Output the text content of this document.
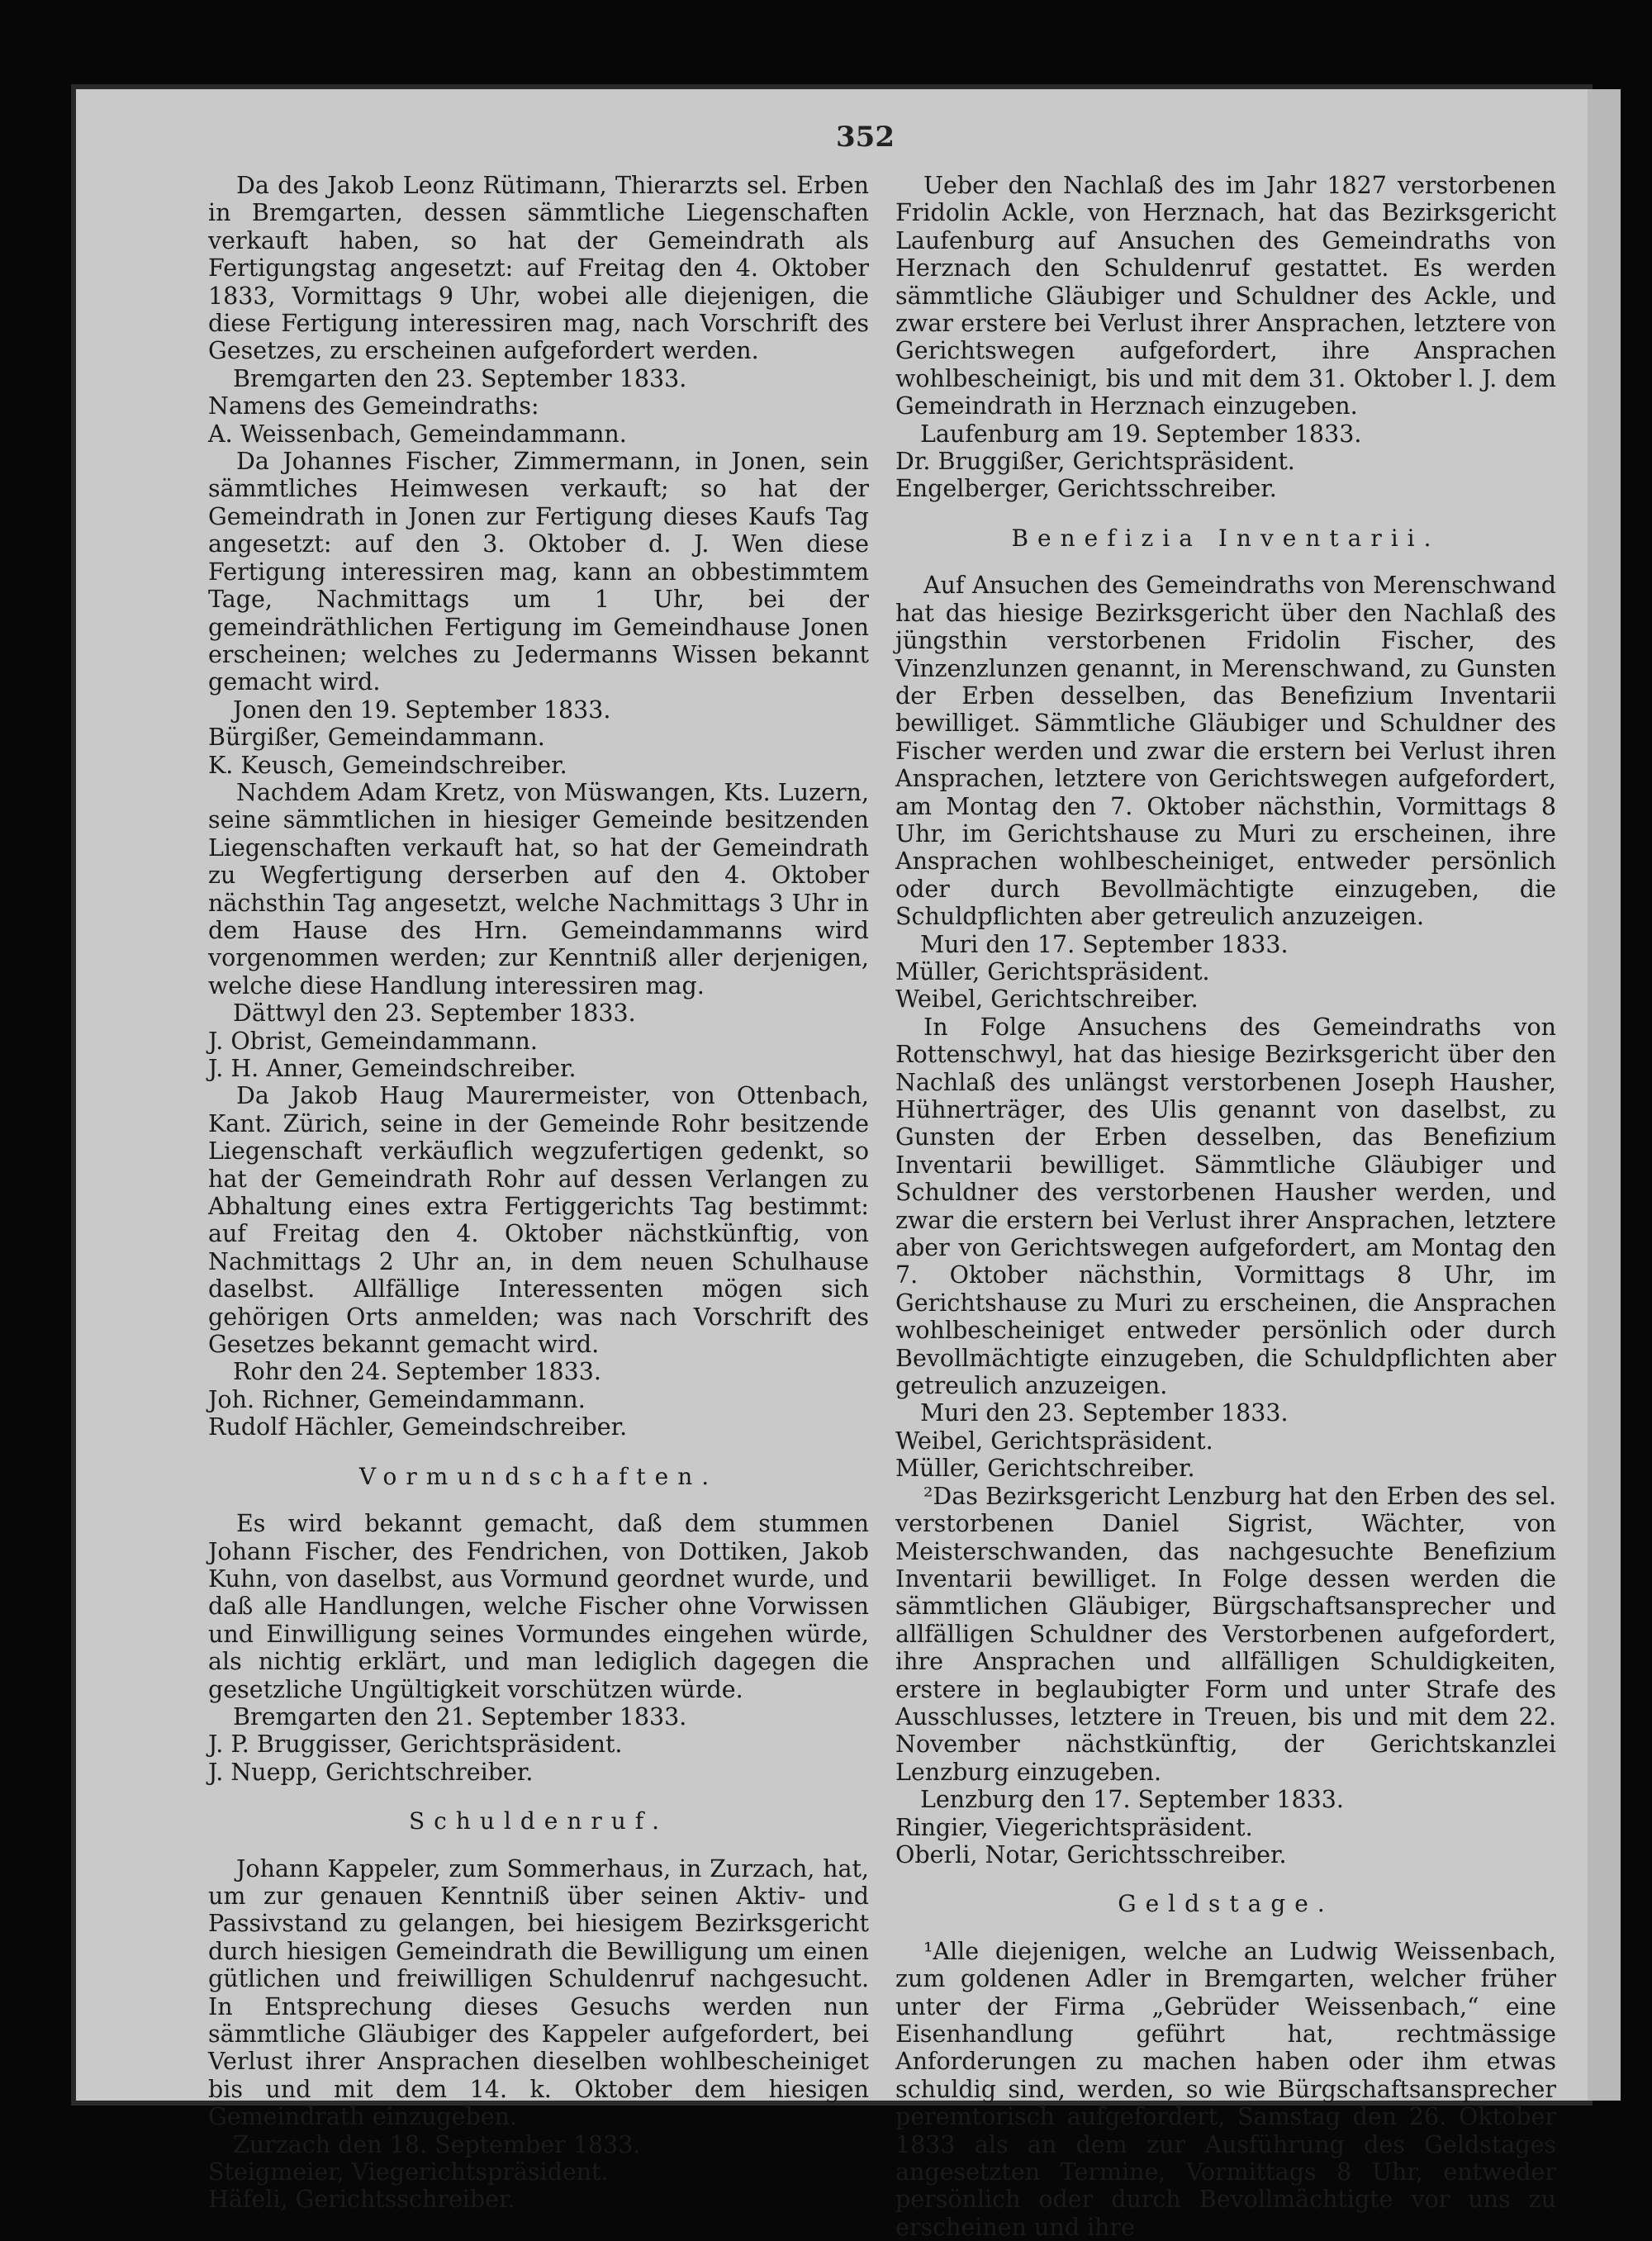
352

Da des Jakob Leonz Rütimann, Thierarzts sel. Erben in Bremgarten, dessen sämmtliche Liegenschaften verkauft haben, so hat der Gemeindrath als Fertigungstag angesetzt: auf Freitag den 4. Oktober 1833, Vormittags 9 Uhr, wobei alle diejenigen, die diese Fertigung interessiren mag, nach Vorschrift des Gesetzes, zu erscheinen aufgefordert werden.

Bremgarten den 23. September 1833.

Namens des Gemeindraths:
A. Weissenbach, Gemeindammann.

Da Johannes Fischer, Zimmermann, in Jonen, sein sämmtliches Heimwesen verkauft; so hat der Gemeindrath in Jonen zur Fertigung dieses Kaufs Tag angesetzt: auf den 3. Oktober d. J. Wen diese Fertigung interessiren mag, kann an obbestimmtem Tage, Nachmittags um 1 Uhr, bei der gemeindräthlichen Fertigung im Gemeindhause Jonen erscheinen; welches zu Jedermanns Wissen bekannt gemacht wird.

Jonen den 19. September 1833.

Bürgißer, Gemeindammann.
K. Keusch, Gemeindschreiber.

Nachdem Adam Kretz, von Müswangen, Kts. Luzern, seine sämmtlichen in hiesiger Gemeinde besitzenden Liegenschaften verkauft hat, so hat der Gemeindrath zu Wegfertigung derserben auf den 4. Oktober nächsthin Tag angesetzt, welche Nachmittags 3 Uhr in dem Hause des Hrn. Gemeindammanns wird vorgenommen werden; zur Kenntniß aller derjenigen, welche diese Handlung interessiren mag.

Dättwyl den 23. September 1833.

J. Obrist, Gemeindammann.
J. H. Anner, Gemeindschreiber.

Da Jakob Haug Maurermeister, von Ottenbach, Kant. Zürich, seine in der Gemeinde Rohr besitzende Liegenschaft verkäuflich wegzufertigen gedenkt, so hat der Gemeindrath Rohr auf dessen Verlangen zu Abhaltung eines extra Fertiggerichts Tag bestimmt: auf Freitag den 4. Oktober nächstkünftig, von Nachmittags 2 Uhr an, in dem neuen Schulhause daselbst. Allfällige Interessenten mögen sich gehörigen Orts anmelden; was nach Vorschrift des Gesetzes bekannt gemacht wird.

Rohr den 24. September 1833.

Joh. Richner, Gemeindammann.
Rudolf Hächler, Gemeindschreiber.

Vormundschaften.

Es wird bekannt gemacht, daß dem stummen Johann Fischer, des Fendrichen, von Dottiken, Jakob Kuhn, von daselbst, aus Vormund geordnet wurde, und daß alle Handlungen, welche Fischer ohne Vorwissen und Einwilligung seines Vormundes eingehen würde, als nichtig erklärt, und man lediglich dagegen die gesetzliche Ungültigkeit vorschützen würde.

Bremgarten den 21. September 1833.

J. P. Bruggisser, Gerichtspräsident.
J. Nuepp, Gerichtschreiber.

Schuldenruf.

Johann Kappeler, zum Sommerhaus, in Zurzach, hat, um zur genauen Kenntniß über seinen Aktiv- und Passivstand zu gelangen, bei hiesigem Bezirksgericht durch hiesigen Gemeindrath die Bewilligung um einen gütlichen und freiwilligen Schuldenruf nachgesucht. In Entsprechung dieses Gesuchs werden nun sämmtliche Gläubiger des Kappeler aufgefordert, bei Verlust ihrer Ansprachen dieselben wohlbescheiniget bis und mit dem 14. k. Oktober dem hiesigen Gemeindrath einzugeben.

Zurzach den 18. September 1833.

Steigmeier, Viegerichtspräsident.
Häfeli, Gerichtsschreiber.

Ueber den Nachlaß des im Jahr 1827 verstorbenen Fridolin Ackle, von Herznach, hat das Bezirksgericht Laufenburg auf Ansuchen des Gemeindraths von Herznach den Schuldenruf gestattet. Es werden sämmtliche Gläubiger und Schuldner des Ackle, und zwar erstere bei Verlust ihrer Ansprachen, letztere von Gerichtswegen aufgefordert, ihre Ansprachen wohlbescheinigt, bis und mit dem 31. Oktober l. J. dem Gemeindrath in Herznach einzugeben.

Laufenburg am 19. September 1833.

Dr. Bruggißer, Gerichtspräsident.
Engelberger, Gerichtsschreiber.

Benefizia Inventarii.

Auf Ansuchen des Gemeindraths von Merenschwand hat das hiesige Bezirksgericht über den Nachlaß des jüngsthin verstorbenen Fridolin Fischer, des Vinzenzlunzen genannt, in Merenschwand, zu Gunsten der Erben desselben, das Benefizium Inventarii bewilliget. Sämmtliche Gläubiger und Schuldner des Fischer werden und zwar die erstern bei Verlust ihren Ansprachen, letztere von Gerichtswegen aufgefordert, am Montag den 7. Oktober nächsthin, Vormittags 8 Uhr, im Gerichtshause zu Muri zu erscheinen, ihre Ansprachen wohlbescheiniget, entweder persönlich oder durch Bevollmächtigte einzugeben, die Schuldpflichten aber getreulich anzuzeigen.

Muri den 17. September 1833.

Müller, Gerichtspräsident.
Weibel, Gerichtschreiber.

In Folge Ansuchens des Gemeindraths von Rottenschwyl, hat das hiesige Bezirksgericht über den Nachlaß des unlängst verstorbenen Joseph Hausher, Hühnerträger, des Ulis genannt von daselbst, zu Gunsten der Erben desselben, das Benefizium Inventarii bewilliget. Sämmtliche Gläubiger und Schuldner des verstorbenen Hausher werden, und zwar die erstern bei Verlust ihrer Ansprachen, letztere aber von Gerichtswegen aufgefordert, am Montag den 7. Oktober nächsthin, Vormittags 8 Uhr, im Gerichtshause zu Muri zu erscheinen, die Ansprachen wohlbescheiniget entweder persönlich oder durch Bevollmächtigte einzugeben, die Schuldpflichten aber getreulich anzuzeigen.

Muri den 23. September 1833.

Weibel, Gerichtspräsident.
Müller, Gerichtschreiber.

²Das Bezirksgericht Lenzburg hat den Erben des sel. verstorbenen Daniel Sigrist, Wächter, von Meisterschwanden, das nachgesuchte Benefizium Inventarii bewilliget. In Folge dessen werden die sämmtlichen Gläubiger, Bürgschaftsansprecher und allfälligen Schuldner des Verstorbenen aufgefordert, ihre Ansprachen und allfälligen Schuldigkeiten, erstere in beglaubigter Form und unter Strafe des Ausschlusses, letztere in Treuen, bis und mit dem 22. November nächstkünftig, der Gerichtskanzlei Lenzburg einzugeben.

Lenzburg den 17. September 1833.

Ringier, Viegerichtspräsident.
Oberli, Notar, Gerichtsschreiber.

Geldstage.

¹Alle diejenigen, welche an Ludwig Weissenbach, zum goldenen Adler in Bremgarten, welcher früher unter der Firma „Gebrüder Weissenbach,“ eine Eisenhandlung geführt hat, rechtmässige Anforderungen zu machen haben oder ihm etwas schuldig sind, werden, so wie Bürgschaftsansprecher peremtorisch aufgefordert, Samstag den 26. Oktober 1833 als an dem zur Ausführung des Geldstages angesetzten Termine, Vormittags 8 Uhr, entweder persönlich oder durch Bevollmächtigte vor uns zu erscheinen und ihre
